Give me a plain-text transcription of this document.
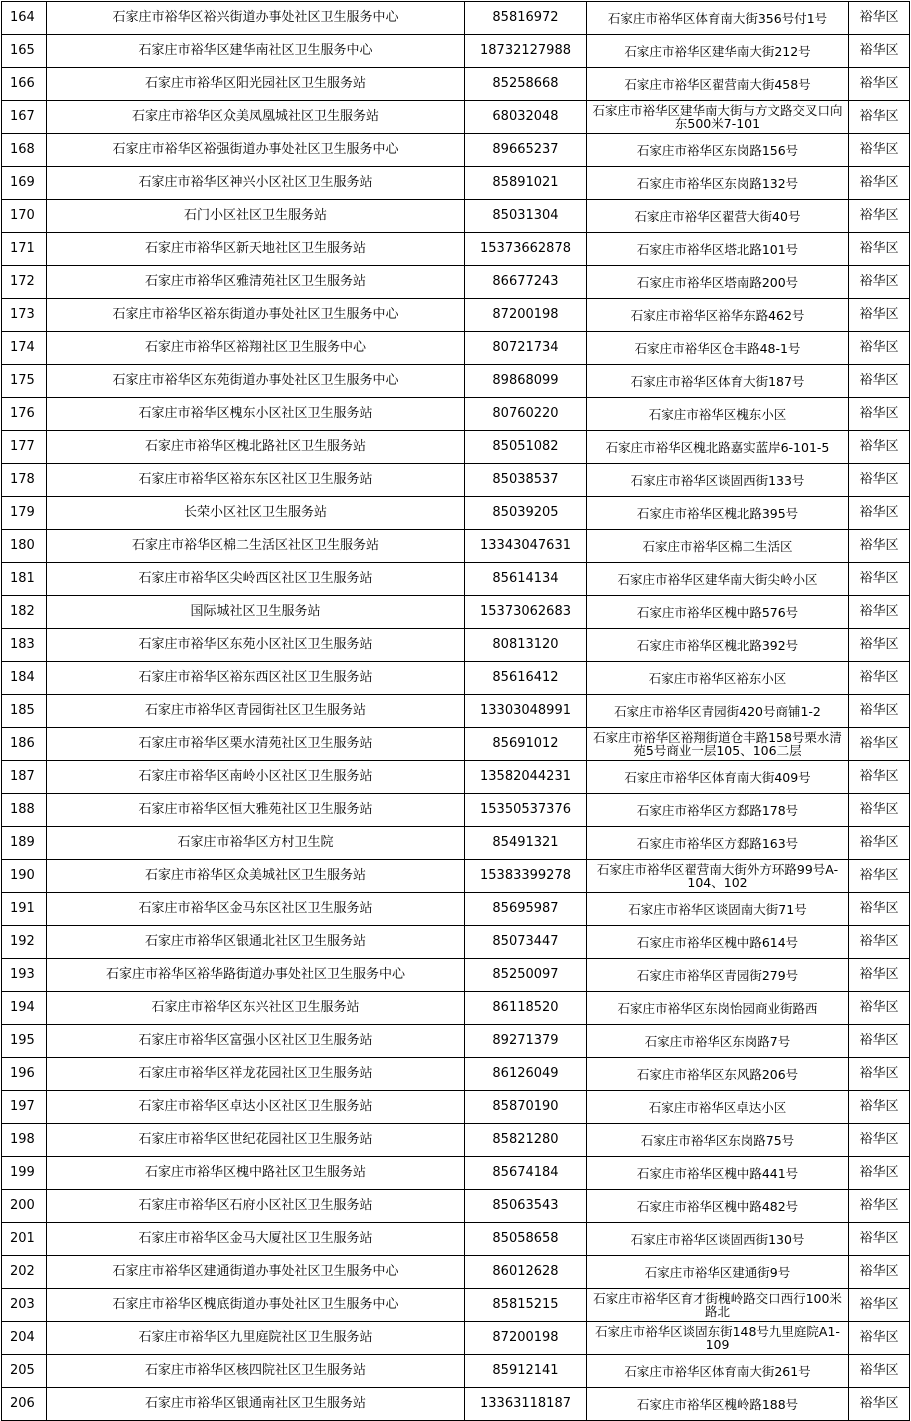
164	石家庄市裕华区裕兴街道办事处社区卫生服务中心	85816972	石家庄市裕华区体育南大街356号付1号	裕华区
165	石家庄市裕华区建华南社区卫生服务中心	18732127988	石家庄市裕华区建华南大街212号	裕华区
166	石家庄市裕华区阳光园社区卫生服务站	85258668	石家庄市裕华区翟营南大街458号	裕华区
167	石家庄市裕华区众美凤凰城社区卫生服务站	68032048	石家庄市裕华区建华南大街与方文路交叉口向东500米7-101	裕华区
168	石家庄市裕华区裕强街道办事处社区卫生服务中心	89665237	石家庄市裕华区东岗路156号	裕华区
169	石家庄市裕华区神兴小区社区卫生服务站	85891021	石家庄市裕华区东岗路132号	裕华区
170	石门小区社区卫生服务站	85031304	石家庄市裕华区翟营大街40号	裕华区
171	石家庄市裕华区新天地社区卫生服务站	15373662878	石家庄市裕华区塔北路101号	裕华区
172	石家庄市裕华区雅清苑社区卫生服务站	86677243	石家庄市裕华区塔南路200号	裕华区
173	石家庄市裕华区裕东街道办事处社区卫生服务中心	87200198	石家庄市裕华区裕华东路462号	裕华区
174	石家庄市裕华区裕翔社区卫生服务中心	80721734	石家庄市裕华区仓丰路48-1号	裕华区
175	石家庄市裕华区东苑街道办事处社区卫生服务中心	89868099	石家庄市裕华区体育大街187号	裕华区
176	石家庄市裕华区槐东小区社区卫生服务站	80760220	石家庄市裕华区槐东小区	裕华区
177	石家庄市裕华区槐北路社区卫生服务站	85051082	石家庄市裕华区槐北路嘉实蓝岸6-101-5	裕华区
178	石家庄市裕华区裕东东区社区卫生服务站	85038537	石家庄市裕华区谈固西街133号	裕华区
179	长荣小区社区卫生服务站	85039205	石家庄市裕华区槐北路395号	裕华区
180	石家庄市裕华区棉二生活区社区卫生服务站	13343047631	石家庄市裕华区棉二生活区	裕华区
181	石家庄市裕华区尖岭西区社区卫生服务站	85614134	石家庄市裕华区建华南大街尖岭小区	裕华区
182	国际城社区卫生服务站	15373062683	石家庄市裕华区槐中路576号	裕华区
183	石家庄市裕华区东苑小区社区卫生服务站	80813120	石家庄市裕华区槐北路392号	裕华区
184	石家庄市裕华区裕东西区社区卫生服务站	85616412	石家庄市裕华区裕东小区	裕华区
185	石家庄市裕华区青园街社区卫生服务站	13303048991	石家庄市裕华区青园街420号商铺1-2	裕华区
186	石家庄市裕华区栗水清苑社区卫生服务站	85691012	石家庄市裕华区裕翔街道仓丰路158号栗水清苑5号商业一层105、106二层	裕华区
187	石家庄市裕华区南岭小区社区卫生服务站	13582044231	石家庄市裕华区体育南大街409号	裕华区
188	石家庄市裕华区恒大雅苑社区卫生服务站	15350537376	石家庄市裕华区方郄路178号	裕华区
189	石家庄市裕华区方村卫生院	85491321	石家庄市裕华区方郄路163号	裕华区
190	石家庄市裕华区众美城社区卫生服务站	15383399278	石家庄市裕华区翟营南大街外方环路99号A-104、102	裕华区
191	石家庄市裕华区金马东区社区卫生服务站	85695987	石家庄市裕华区谈固南大街71号	裕华区
192	石家庄市裕华区银通北社区卫生服务站	85073447	石家庄市裕华区槐中路614号	裕华区
193	石家庄市裕华区裕华路街道办事处社区卫生服务中心	85250097	石家庄市裕华区青园街279号	裕华区
194	石家庄市裕华区东兴社区卫生服务站	86118520	石家庄市裕华区东岗怡园商业街路西	裕华区
195	石家庄市裕华区富强小区社区卫生服务站	89271379	石家庄市裕华区东岗路7号	裕华区
196	石家庄市裕华区祥龙花园社区卫生服务站	86126049	石家庄市裕华区东风路206号	裕华区
197	石家庄市裕华区卓达小区社区卫生服务站	85870190	石家庄市裕华区卓达小区	裕华区
198	石家庄市裕华区世纪花园社区卫生服务站	85821280	石家庄市裕华区东岗路75号	裕华区
199	石家庄市裕华区槐中路社区卫生服务站	85674184	石家庄市裕华区槐中路441号	裕华区
200	石家庄市裕华区石府小区社区卫生服务站	85063543	石家庄市裕华区槐中路482号	裕华区
201	石家庄市裕华区金马大厦社区卫生服务站	85058658	石家庄市裕华区谈固西街130号	裕华区
202	石家庄市裕华区建通街道办事处社区卫生服务中心	86012628	石家庄市裕华区建通街9号	裕华区
203	石家庄市裕华区槐底街道办事处社区卫生服务中心	85815215	石家庄市裕华区育才街槐岭路交口西行100米路北	裕华区
204	石家庄市裕华区九里庭院社区卫生服务站	87200198	石家庄市裕华区谈固东街148号九里庭院A1-109	裕华区
205	石家庄市裕华区核四院社区卫生服务站	85912141	石家庄市裕华区体育南大街261号	裕华区
206	石家庄市裕华区银通南社区卫生服务站	13363118187	石家庄市裕华区槐岭路188号	裕华区
